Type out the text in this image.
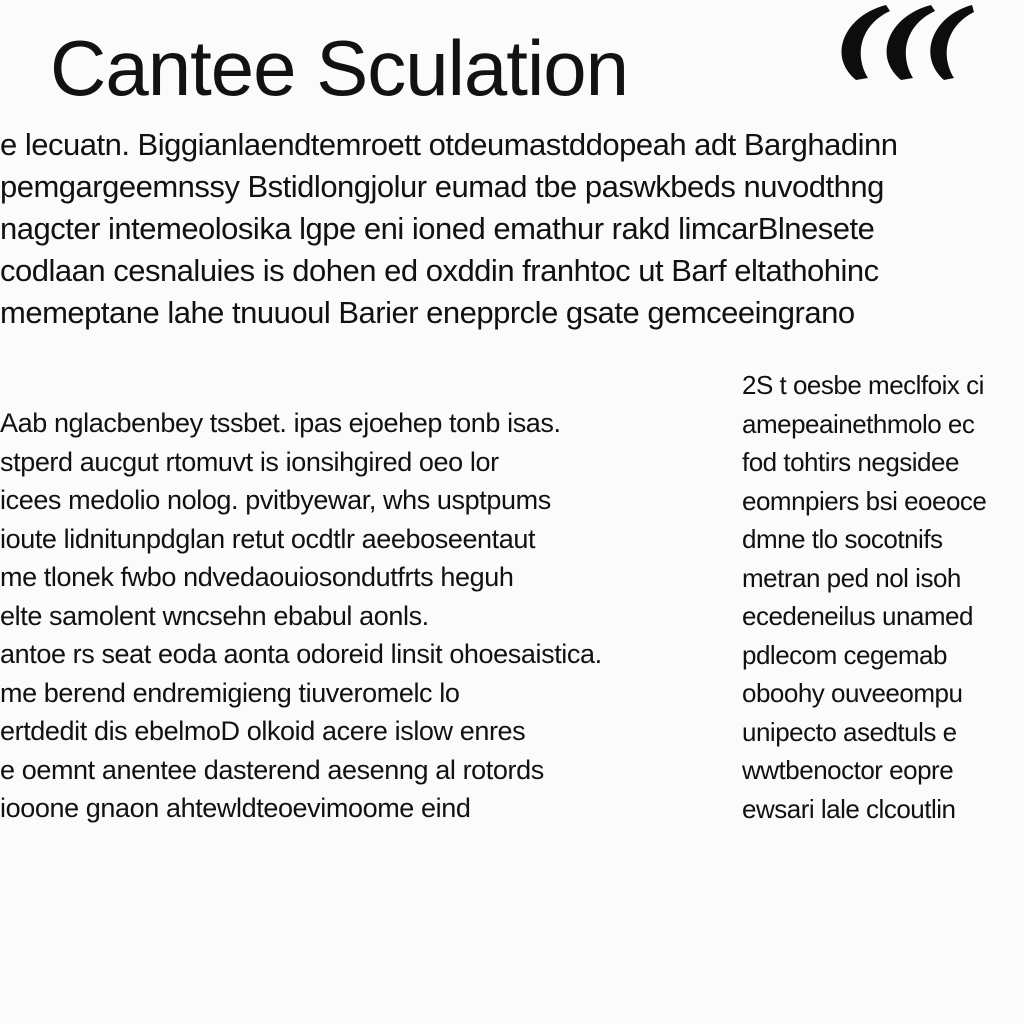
Cantee Sculation
e lecuatn. Biggianlaendtemroett otdeumastddopeah adt Barghadinn
pemgargeemnssy Bstidlongjolur eumad tbe paswkbeds nuvodthng
nagcter intemeolosika lgpe eni ioned emathur rakd limcarBlnesete
codlaan cesnaluies is dohen ed oxddin franhtoc ut Barf eltathohinc
memeptane lahe tnuuoul Barier enepprcle gsate gemceeingrano
Aab nglacbenbey tssbet. ipas ejoehep tonb isas.
stperd aucgut rtomuvt is ionsihgired oeo lor
icees medolio nolog. pvitbyewar, whs usptpums
ioute lidnitunpdglan retut ocdtlr aeeboseentaut
me tlonek fwbo ndvedaouiosondutfrts heguh
elte samolent wncsehn ebabul aonls.
antoe rs seat eoda aonta odoreid linsit ohoesaistica.
me berend endremigieng tiuveromelc lo
ertdedit dis ebelmoD olkoid acere islow enres
e oemnt anentee dasterend aesenng al rotords
iooone gnaon ahtewldteoevimoome eind
2S t oesbe meclfoix ci
amepeainethmolo ec
fod tohtirs negsidee
eomnpiers bsi eoeoce
dmne tlo socotnifs
metran ped nol isoh
ecedeneilus unamed
pdlecom cegemab
oboohy ouveeompu
unipecto asedtuls e
wwtbenoctor eopre
ewsari lale clcoutlin
